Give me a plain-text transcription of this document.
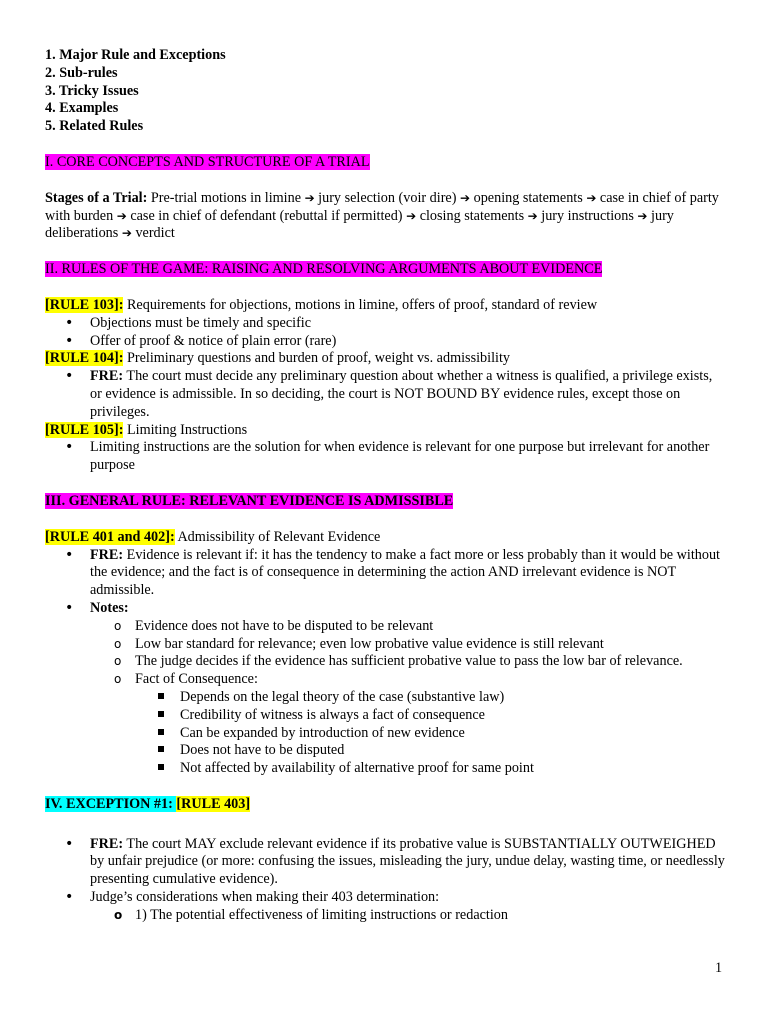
1. Major Rule and Exceptions

2. Sub-rules

3. Tricky Issues

4. Examples

5. Related Rules

I. CORE CONCEPTS AND STRUCTURE OF A TRIAL

Stages of a Trial: Pre-trial motions in limine ➔ jury selection (voir dire) ➔ opening statements ➔ case in chief of party with burden ➔ case in chief of defendant (rebuttal if permitted) ➔ closing statements ➔ jury instructions ➔ jury deliberations ➔ verdict

II. RULES OF THE GAME: RAISING AND RESOLVING ARGUMENTS ABOUT EVIDENCE

[RULE 103]: Requirements for objections, motions in limine, offers of proof, standard of review

• Objections must be timely and specific
• Offer of proof & notice of plain error (rare)

[RULE 104]: Preliminary questions and burden of proof, weight vs. admissibility

• FRE: The court must decide any preliminary question about whether a witness is qualified, a privilege exists, or evidence is admissible. In so deciding, the court is NOT BOUND BY evidence rules, except those on privileges.

[RULE 105]: Limiting Instructions

• Limiting instructions are the solution for when evidence is relevant for one purpose but irrelevant for another purpose

III. GENERAL RULE: RELEVANT EVIDENCE IS ADMISSIBLE

[RULE 401 and 402]: Admissibility of Relevant Evidence

• FRE: Evidence is relevant if: it has the tendency to make a fact more or less probably than it would be without the evidence; and the fact is of consequence in determining the action AND irrelevant evidence is NOT admissible.
• Notes:
o Evidence does not have to be disputed to be relevant
o Low bar standard for relevance; even low probative value evidence is still relevant
o The judge decides if the evidence has sufficient probative value to pass the low bar of relevance.
o Fact of Consequence:
Depends on the legal theory of the case (substantive law)
Credibility of witness is always a fact of consequence
Can be expanded by introduction of new evidence
Does not have to be disputed
Not affected by availability of alternative proof for same point

IV. EXCEPTION #1: [RULE 403]

• FRE: The court MAY exclude relevant evidence if its probative value is SUBSTANTIALLY OUTWEIGHED by unfair prejudice (or more: confusing the issues, misleading the jury, undue delay, wasting time, or needlessly presenting cumulative evidence).
• Judge’s considerations when making their 403 determination:
o 1) The potential effectiveness of limiting instructions or redaction
1
